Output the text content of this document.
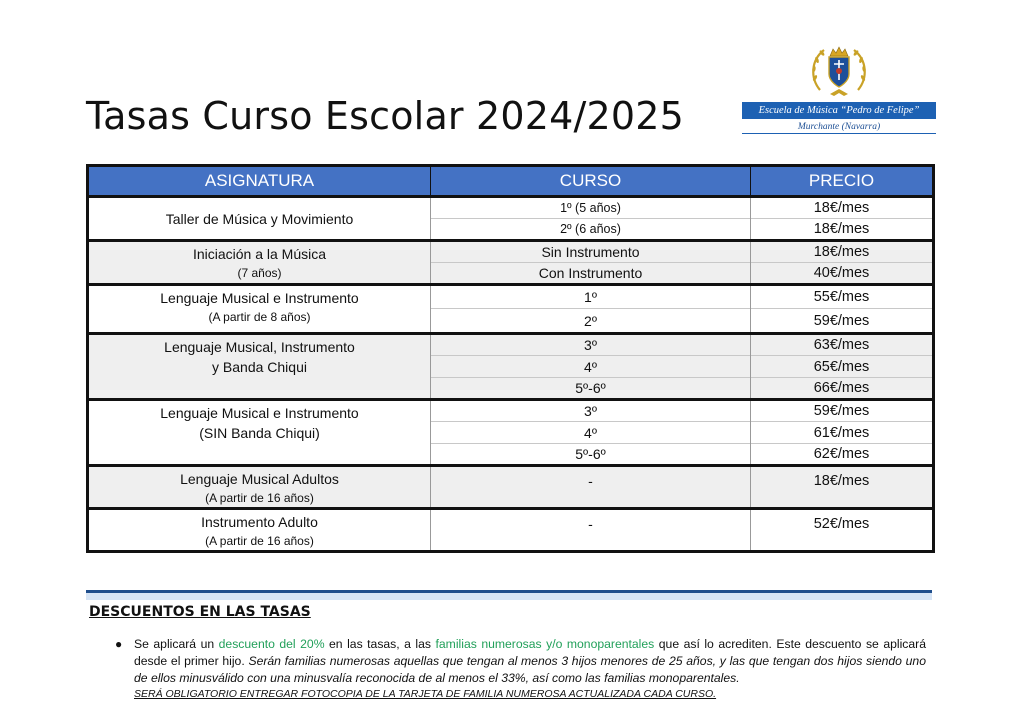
Tasas Curso Escolar 2024/2025	Escuela de Música “Pedro de Felipe”
Murchante (Navarra)
ASIGNATURA	CURSO	PRECIO
Taller de Música y Movimiento	1º (5 años)	18€/mes
	2º (6 años)	18€/mes
Iniciación a la Música
(7 años)	Sin Instrumento	18€/mes
	Con Instrumento	40€/mes
Lenguaje Musical e Instrumento
(A partir de 8 años)	1º	55€/mes
	2º	59€/mes
Lenguaje Musical, Instrumento
y Banda Chiqui	3º	63€/mes
	4º	65€/mes
	5º-6º	66€/mes
Lenguaje Musical e Instrumento
(SIN Banda Chiqui)	3º	59€/mes
	4º	61€/mes
	5º-6º	62€/mes
Lenguaje Musical Adultos
(A partir de 16 años)	-	18€/mes
Instrumento Adulto
(A partir de 16 años)	-	52€/mes
DESCUENTOS EN LAS TASAS
● Se aplicará un descuento del 20% en las tasas, a las familias numerosas y/o monoparentales que así lo acrediten. Este descuento se aplicará desde el primer hijo. Serán familias numerosas aquellas que tengan al menos 3 hijos menores de 25 años, y las que tengan dos hijos siendo uno de ellos minusválido con una minusvalía reconocida de al menos el 33%, así como las familias monoparentales.
SERÁ OBLIGATORIO ENTREGAR FOTOCOPIA DE LA TARJETA DE FAMILIA NUMEROSA ACTUALIZADA CADA CURSO.
